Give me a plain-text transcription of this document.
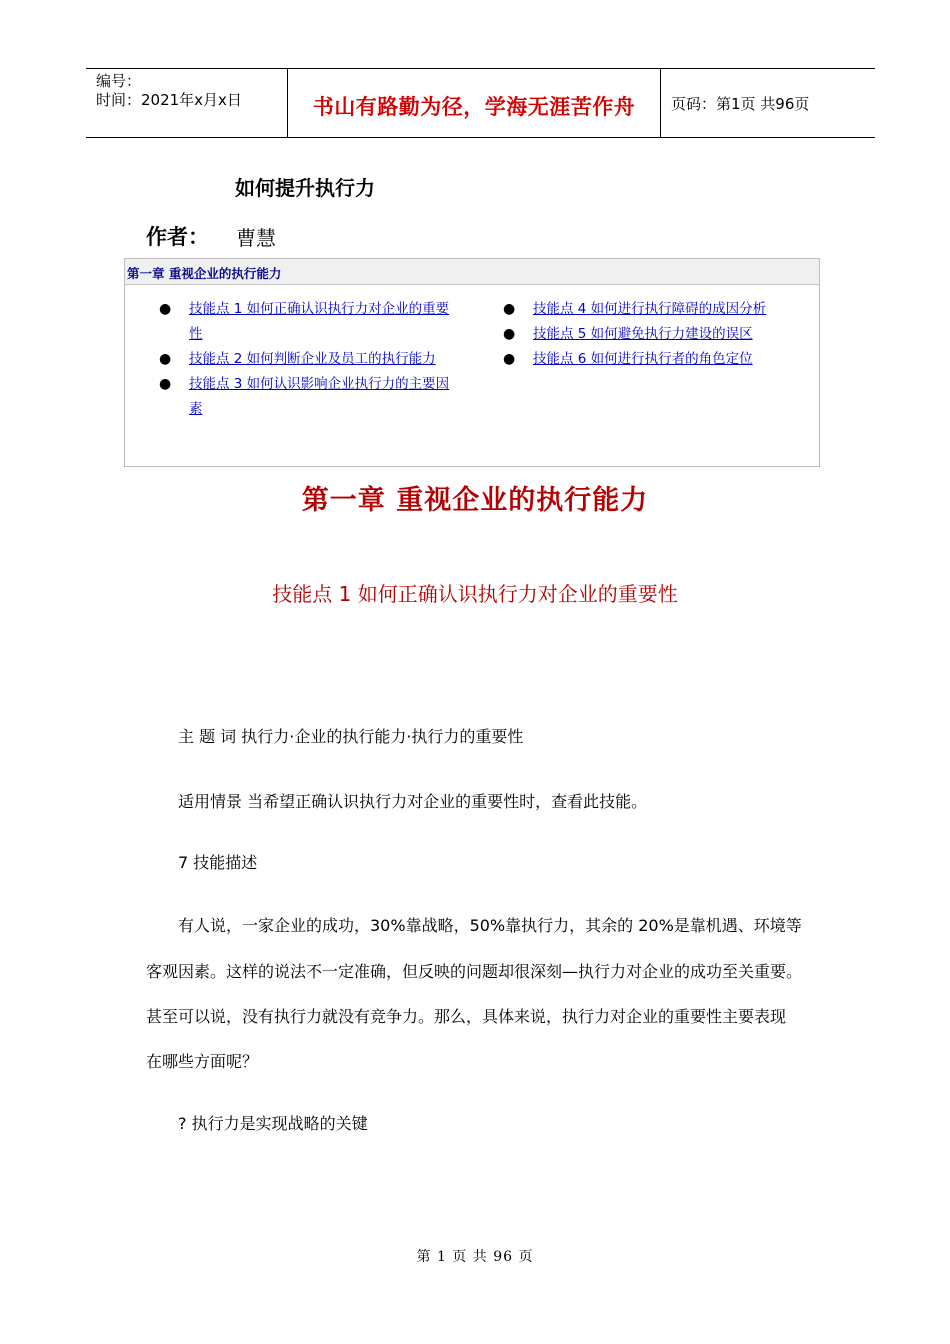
编号：
时间：2021年x月x日	书山有路勤为径，学海无涯苦作舟	页码：第1页 共96页
如何提升执行力
作者： 曹慧
第一章 重视企业的执行能力
● 技能点 1 如何正确认识执行力对企业的重要
性
● 技能点 2 如何判断企业及员工的执行能力
● 技能点 3 如何认识影响企业执行力的主要因
素
● 技能点 4 如何进行执行障碍的成因分析
● 技能点 5 如何避免执行力建设的误区
● 技能点 6 如何进行执行者的角色定位
第一章 重视企业的执行能力
技能点 1 如何正确认识执行力对企业的重要性
主 题 词 执行力·企业的执行能力·执行力的重要性
适用情景 当希望正确认识执行力对企业的重要性时，查看此技能。
7 技能描述
有人说，一家企业的成功，30%靠战略，50%靠执行力，其余的 20%是靠机遇、环境等
客观因素。这样的说法不一定准确，但反映的问题却很深刻—执行力对企业的成功至关重要。
甚至可以说，没有执行力就没有竞争力。那么，具体来说，执行力对企业的重要性主要表现
在哪些方面呢？
? 执行力是实现战略的关键
第 1 页 共 96 页
